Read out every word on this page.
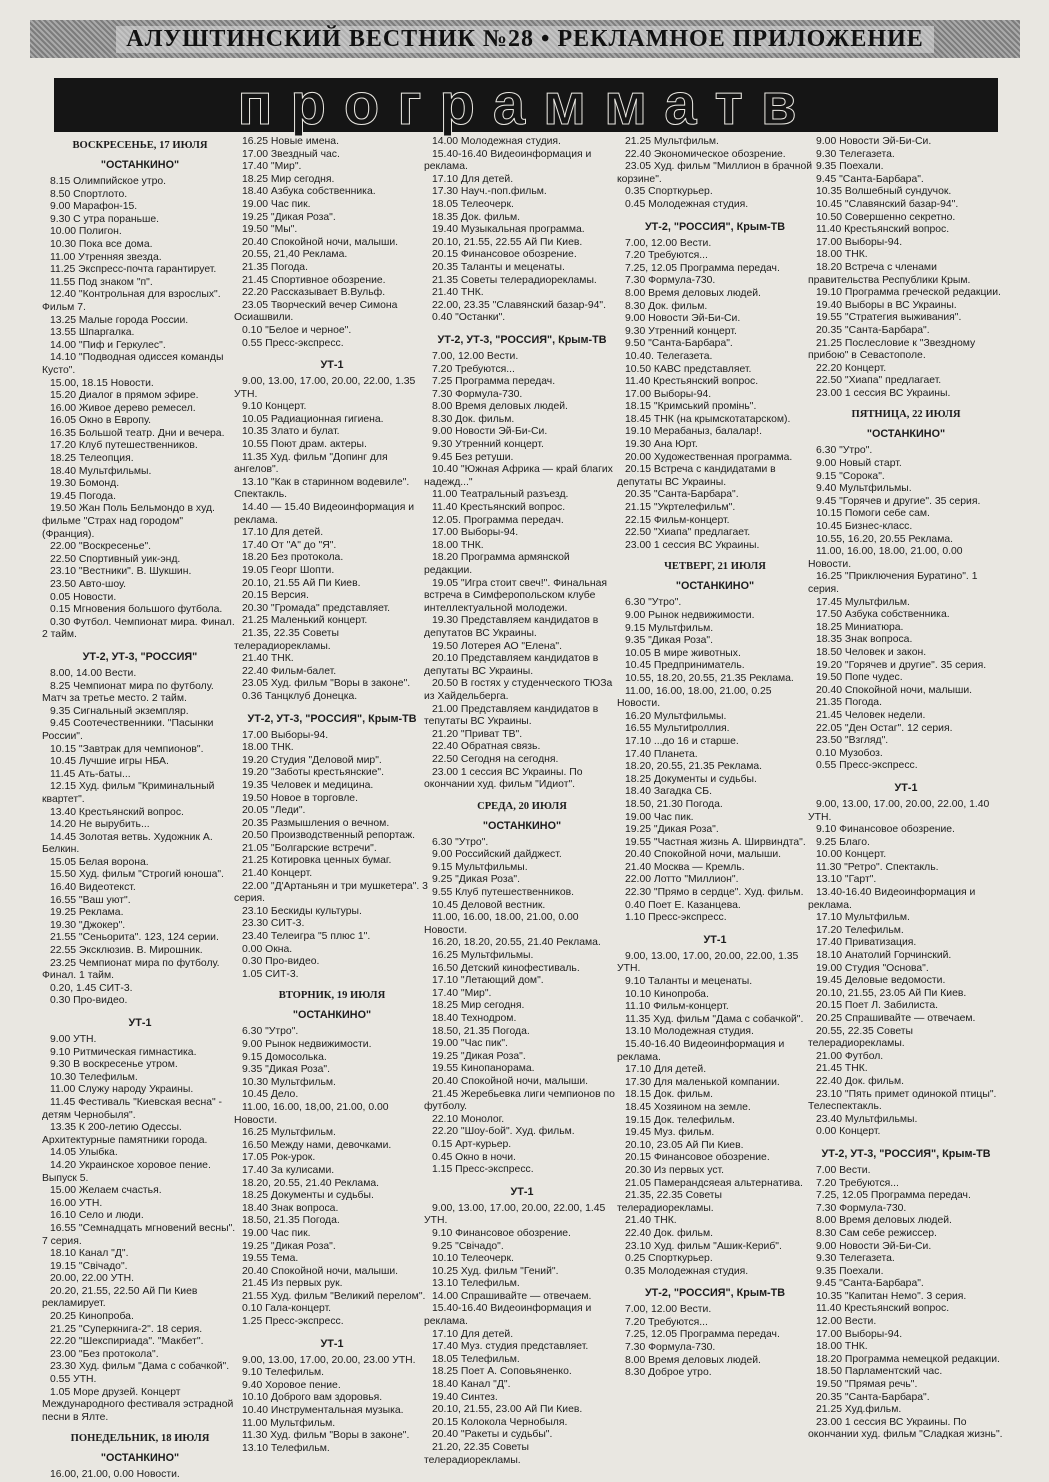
АЛУШТИНСКИЙ ВЕСТНИК №28 • РЕКЛАМНОЕ ПРИЛОЖЕНИЕ
программатв
ВОСКРЕСЕНЬЕ, 17 ИЮЛЯ
"ОСТАНКИНО"
8.15 Олимпийское утро.
8.50 Спортлото.
9.00 Марафон-15.
9.30 С утра пораньше.
10.00 Полигон.
10.30 Пока все дома.
11.00 Утренняя звезда.
11.25 Экспресс-почта гарантирует.
11.55 Под знаком "п".
12.40 "Контрольная для взрослых". Фильм 7.
13.25 Малые города России.
13.55 Шпаргалка.
14.00 "Пиф и Геркулес".
14.10 "Подводная одиссея команды Кусто".
15.00, 18.15 Новости.
15.20 Диалог в прямом эфире.
16.00 Живое дерево ремесел.
16.05 Окно в Европу.
16.35 Большой театр. Дни и вечера.
17.20 Клуб путешественников.
18.25 Телеопция.
18.40 Мультфильмы.
19.30 Бомонд.
19.45 Погода.
19.50 Жан Поль Бельмондо в худ. фильме "Страх над городом" (Франция).
22.00 "Воскресенье".
22.50 Спортивный уик-энд.
23.10 "Вестники". В. Шукшин.
23.50 Авто-шоу.
0.05 Новости.
0.15 Мгновения большого футбола.
0.30 Футбол. Чемпионат мира. Финал. 2 тайм.
УТ-2, УТ-3, "РОССИЯ"
8.00, 14.00 Вести.
8.25 Чемпионат мира по футболу. Матч за третье место. 2 тайм.
9.35 Сигнальный экземпляр.
9.45 Соотечественники. "Пасынки России".
10.15 "Завтрак для чемпионов".
10.45 Лучшие игры НБА.
11.45 Ать-баты...
12.15 Худ. фильм "Криминальный квартет".
13.40 Крестьянский вопрос.
14.20 Не вырубить...
14.45 Золотая ветвь. Художник А. Белкин.
15.05 Белая ворона.
15.50 Худ. фильм "Строгий юноша".
16.40 Видеотекст.
16.55 "Ваш уют".
19.25 Реклама.
19.30 "Джокер".
21.55 "Сеньорита". 123, 124 серии.
22.55 Эксклюзив. В. Мирошник.
23.25 Чемпионат мира по футболу. Финал. 1 тайм.
0.20, 1.45 СИТ-3.
0.30 Про-видео.
УТ-1
9.00 УТН.
9.10 Ритмическая гимнастика.
9.30 В воскресенье утром.
10.30 Телефильм.
11.00 Служу народу Украины.
11.45 Фестиваль "Киевская весна" - детям Чернобыля".
13.35 К 200-летию Одессы. Архитектурные памятники города.
14.05 Улыбка.
14.20 Украинское хоровое пение. Выпуск 5.
15.00 Желаем счастья.
16.00 УТН.
16.10 Село и люди.
16.55 "Семнадцать мгновений весны". 7 серия.
18.10 Канал "Д".
19.15 "Свічадо".
20.00, 22.00 УТН.
20.20, 21.55, 22.50 Ай Пи Киев рекламирует.
20.25 Кинопроба.
21.25 "Суперкнига-2". 18 серия.
22.20 "Шекспириада". "Макбет".
23.00 "Без протокола".
23.30 Худ. фильм "Дама с собачкой".
0.55 УТН.
1.05 Море друзей. Концерт Международного фестиваля эстрадной песни в Ялте.
ПОНЕДЕЛЬНИК, 18 ИЮЛЯ
"ОСТАНКИНО"
16.00, 21.00, 0.00 Новости.
16.25 Новые имена.
17.00 Звездный час.
17.40 "Мир".
18.25 Мир сегодня.
18.40 Азбука собственника.
19.00 Час пик.
19.25 "Дикая Роза".
19.50 "Мы".
20.40 Спокойной ночи, малыши.
20.55, 21,40 Реклама.
21.35 Погода.
21.45 Спортивное обозрение.
22.20 Рассказывает В.Вульф.
23.05 Творческий вечер Симона Осиашвили.
0.10 "Белое и черное".
0.55 Пресс-экспресс.
УТ-1
9.00, 13.00, 17.00, 20.00, 22.00, 1.35 УТН.
9.10 Концерт.
10.05 Радиационная гигиена.
10.35 Злато и булат.
10.55 Поют драм. актеры.
11.35 Худ. фильм "Допинг для ангелов".
13.10 "Как в старинном водевиле". Спектакль.
14.40 — 15.40 Видеоинформация и реклама.
17.10 Для детей.
17.40 От "А" до "Я".
18.20 Без протокола.
19.05 Георг Шопти.
20.10, 21.55 Ай Пи Киев.
20.15 Версия.
20.30 "Громада" представляет.
21.25 Маленький концерт.
21.35, 22.35 Советы телерадиорекламы.
21.40 ТНК.
22.40 Фильм-балет.
23.05 Худ. фильм "Воры в законе".
0.36 Танцклуб Донецка.
УТ-2, УТ-3, "РОССИЯ", Крым-ТВ
17.00 Выборы-94.
18.00 ТНК.
19.20 Студия "Деловой мир".
19.20 "Заботы крестьянские".
19.35 Человек и медицина.
19.50 Новое в торговле.
20.05 "Леди".
20.35 Размышления о вечном.
20.50 Производственный репортаж.
21.05 "Болгарские встречи".
21.25 Котировка ценных бумаг.
21.40 Концерт.
22.00 "Д'Артаньян и три мушкетера". 3 серия.
23.10 Бескиды культуры.
23.30 СИТ-3.
23.40 Телеигра "5 плюс 1".
0.00 Окна.
0.30 Про-видео.
1.05 СИТ-3.
ВТОРНИК, 19 ИЮЛЯ
"ОСТАНКИНО"
6.30 "Утро".
9.00 Рынок недвижимости.
9.15 Домосолька.
9.35 "Дикая Роза".
10.30 Мультфильм.
10.45 Дело.
11.00, 16.00, 18,00, 21.00, 0.00 Новости.
16.25 Мультфильм.
16.50 Между нами, девочками.
17.05 Рок-урок.
17.40 За кулисами.
18.20, 20.55, 21.40 Реклама.
18.25 Документы и судьбы.
18.40 Знак вопроса.
18.50, 21.35 Погода.
19.00 Час пик.
19.25 "Дикая Роза".
19.55 Тема.
20.40 Спокойной ночи, малыши.
21.45 Из первых рук.
21.55 Худ. фильм "Великий перелом".
0.10 Гала-концерт.
1.25 Пресс-экспресс.
УТ-1
9.00, 13.00, 17.00, 20.00, 23.00 УТН.
9.10 Телефильм.
9.40 Хоровое пение.
10.10 Доброго вам здоровья.
10.40 Инструментальная музыка.
11.00 Мультфильм.
11.30 Худ. фильм "Воры в законе".
13.10 Телефильм.
14.00 Молодежная студия.
15.40-16.40 Видеоинформация и реклама.
17.10 Для детей.
17.30 Науч.-поп.фильм.
18.05 Телеочерк.
18.35 Док. фильм.
19.40 Музыкальная программа.
20.10, 21.55, 22.55 Ай Пи Киев.
20.15 Финансовое обозрение.
20.35 Таланты и меценаты.
21.35 Советы телерадиорекламы.
21.40 ТНК.
22.00, 23.35 "Славянский базар-94".
0.40 "Останки".
УТ-2, УТ-3, "РОССИЯ", Крым-ТВ
7.00, 12.00 Вести.
7.20 Требуются...
7.25 Программа передач.
7.30 Формула-730.
8.00 Время деловых людей.
8.30 Док. фильм.
9.00 Новости Эй-Би-Си.
9.30 Утренний концерт.
9.45 Без ретуши.
10.40 "Южная Африка — край благих надежд..."
11.00 Театральный разъезд.
11.40 Крестьянский вопрос.
12.05. Программа передач.
17.00 Выборы-94.
18.00 ТНК.
18.20 Программа армянской редакции.
19.05 "Игра стоит свеч!". Финальная встреча в Симферопольском клубе интеллектуальной молодежи.
19.30 Представляем кандидатов в депутатов ВС Украины.
19.50 Лотерея АО "Елена".
20.10 Представляем кандидатов в депутаты ВС Украины.
20.50 В гостях у студенческого ТЮЗа из Хайдельберга.
21.00 Представляем кандидатов в тепутаты ВС Украины.
21.20 "Приват ТВ".
22.40 Обратная связь.
22.50 Сегодня на сегодня.
23.00 1 сессия ВС Украины. По окончании худ. фильм "Идиот".
СРЕДА, 20 ИЮЛЯ
"ОСТАНКИНО"
6.30 "Утро".
9.00 Российский дайджест.
9.15 Мультфильмы.
9.25 "Дикая Роза".
9.55 Клуб путешественников.
10.45 Деловой вестник.
11.00, 16.00, 18.00, 21.00, 0.00 Новости.
16.20, 18.20, 20.55, 21.40 Реклама.
16.25 Мультфильмы.
16.50 Детский кинофестиваль.
17.10 "Летающий дом".
17.40 "Мир".
18.25 Мир сегодня.
18.40 Технодром.
18.50, 21.35 Погода.
19.00 "Час пик".
19.25 "Дикая Роза".
19.55 Кинопанорама.
20.40 Спокойной ночи, малыши.
21.45 Жеребьевка лиги чемпионов по футболу.
22.10 Монолог.
22.20 "Шоу-бой". Худ. фильм.
0.15 Арт-курьер.
0.45 Окно в ночи.
1.15 Пресс-экспресс.
УТ-1
9.00, 13.00, 17.00, 20.00, 22.00, 1.45 УТН.
9.10 Финансовое обозрение.
9.25 "Свічадо".
10.10 Телеочерк.
10.25 Худ. фильм "Гений".
13.10 Телефильм.
14.00 Спрашивайте — отвечаем.
15.40-16.40 Видеоинформация и реклама.
17.10 Для детей.
17.40 Муз. студия представляет.
18.05 Телефильм.
18.25 Поет А. Соповьяненко.
18.40 Канал "Д".
19.40 Синтез.
20.10, 21.55, 23.00 Ай Пи Киев.
20.15 Колокола Чернобыля.
20.40 "Ракеты и судьбы".
21.20, 22.35 Советы телерадиорекламы.
21.25 Мультфильм.
22.40 Экономическое обозрение.
23.05 Худ. фильм "Миллион в брачной корзине".
0.35 Спорткурьер.
0.45 Молодежная студия.
УТ-2, "РОССИЯ", Крым-ТВ
7.00, 12.00 Вести.
7.20 Требуются...
7.25, 12.05 Программа передач.
7.30 Формула-730.
8.00 Время деловых людей.
8.30 Док. фильм.
9.00 Новости Эй-Би-Си.
9.30 Утренний концерт.
9.50 "Санта-Барбара".
10.40. Телегазета.
10.50 КАВС представляет.
11.40 Крестьянский вопрос.
17.00 Выборы-94.
18.15 "Кримський промінь".
18.45 ТНК (на крымскотатарском).
19.10 Мерабаныз, балалар!.
19.30 Ана Юрт.
20.00 Художественная программа.
20.15 Встреча с кандидатами в депутаты ВС Украины.
20.35 "Санта-Барбара".
21.15 "Укртелефильм".
22.15 Фильм-концерт.
22.50 "Хиапа" предлагает.
23.00 1 сессия ВС Украины.
ЧЕТВЕРГ, 21 ИЮЛЯ
"ОСТАНКИНО"
6.30 "Утро".
9.00 Рынок недвижимости.
9.15 Мультфильм.
9.35 "Дикая Роза".
10.05 В мире животных.
10.45 Предприниматель.
10.55, 18.20, 20.55, 21.35 Реклама.
11.00, 16.00, 18.00, 21.00, 0.25 Новости.
16.20 Мультфильмы.
16.55 Мультиtроллия.
17.10 ...до 16 и старше.
17.40 Планета.
18.20, 20.55, 21.35 Реклама.
18.25 Документы и судьбы.
18.40 Загадка СБ.
18.50, 21.30 Погода.
19.00 Час пик.
19.25 "Дикая Роза".
19.55 "Частная жизнь А. Ширвиндта".
20.40 Спокойной ночи, малыши.
21.40 Москва — Кремль.
22.00 Лотто "Миллион".
22.30 "Прямо в сердце". Худ. фильм.
0.40 Поет Е. Казанцева.
1.10 Пресс-экспресс.
УТ-1
9.00, 13.00, 17.00, 20.00, 22.00, 1.35 УТН.
9.10 Таланты и меценаты.
10.10 Кинопроба.
11.10 Фильм-концерт.
11.35 Худ. фильм "Дама с собачкой".
13.10 Молодежная студия.
15.40-16.40 Видеоинформация и реклама.
17.10 Для детей.
17.30 Для маленькой компании.
18.15 Док. фильм.
18.45 Хозяином на земле.
19.15 Док. телефильм.
19.45 Муз. фильм.
20.10, 23.05 Ай Пи Киев.
20.15 Финансовое обозрение.
20.30 Из первых уст.
21.05 Памерандсяеая альтернатива.
21.35, 22.35 Советы телерадиорекламы.
21.40 ТНК.
22.40 Док. фильм.
23.10 Худ. фильм "Ашик-Кериб".
0.25 Спорткурьер.
0.35 Молодежная студия.
УТ-2, "РОССИЯ", Крым-ТВ
7.00, 12.00 Вести.
7.20 Требуются...
7.25, 12.05 Программа передач.
7.30 Формула-730.
8.00 Время деловых людей.
8.30 Доброе утро.
9.00 Новости Эй-Би-Си.
9.30 Телегазета.
9.35 Поехали.
9.45 "Санта-Барбара".
10.35 Волшебный сундучок.
10.45 "Славянский базар-94".
10.50 Совершенно секретно.
11.40 Крестьянский вопрос.
17.00 Выборы-94.
18.00 ТНК.
18.20 Встреча с членами правительства Республики Крым.
19.10 Программа греческой редакции.
19.40 Выборы в ВС Украины.
19.55 "Стратегия выживания".
20.35 "Санта-Барбара".
21.25 Послесловие к "Звездному прибою" в Севастополе.
22.20 Концерт.
22.50 "Хиапа" предлагает.
23.00 1 сессия ВС Украины.
ПЯТНИЦА, 22 ИЮЛЯ
"ОСТАНКИНО"
6.30 "Утро".
9.00 Новый старт.
9.15 "Сорока".
9.40 Мультфильмы.
9.45 "Горячев и другие". 35 серия.
10.15 Помоги себе сам.
10.45 Бизнес-класс.
10.55, 16.20, 20.55 Реклама.
11.00, 16.00, 18.00, 21.00, 0.00 Новости.
16.25 "Приключения Буратино". 1 серия.
17.45 Мультфильм.
17.50 Азбука собственника.
18.25 Миниатюра.
18.35 Знак вопроса.
18.50 Человек и закон.
19.20 "Горячев и другие". 35 серия.
19.50 Попе чудес.
20.40 Спокойной ночи, малыши.
21.35 Погода.
21.45 Человек недели.
22.05 "Ден Остаг". 12 серия.
23.50 "Взгляд".
0.10 Музобоз.
0.55 Пресс-экспресс.
УТ-1
9.00, 13.00, 17.00, 20.00, 22.00, 1.40 УТН.
9.10 Финансовое обозрение.
9.25 Благо.
10.00 Концерт.
11.30 "Ретро". Спектакль.
13.10 "Гарт".
13.40-16.40 Видеоинформация и реклама.
17.10 Мультфильм.
17.20 Телефильм.
17.40 Приватизация.
18.10 Анатолий Горчинский.
19.00 Студия "Основа".
19.45 Деловые ведомости.
20.10, 21.55, 23.05 Ай Пи Киев.
20.15 Поет Л. Забилиста.
20.25 Спрашивайте — отвечаем.
20.55, 22.35 Советы телерадиорекламы.
21.00 Футбол.
21.45 ТНК.
22.40 Док. фильм.
23.10 "Пять примет одинокой птицы". Телеспектакль.
23.40 Мультфильмы.
0.00 Концерт.
УТ-2, УТ-3, "РОССИЯ", Крым-ТВ
7.00 Вести.
7.20 Требуются...
7.25, 12.05 Программа передач.
7.30 Формула-730.
8.00 Время деловых людей.
8.30 Сам себе режиссер.
9.00 Новости Эй-Би-Си.
9.30 Телегазета.
9.35 Поехали.
9.45 "Санта-Барбара".
10.35 "Капитан Немо". 3 серия.
11.40 Крестьянский вопрос.
12.00 Вести.
17.00 Выборы-94.
18.00 ТНК.
18.20 Программа немецкой редакции.
18.50 Парламентский час.
19.50 "Прямая речь".
20.35 "Санта-Барбара".
21.25 Худ.фильм.
23.00 1 сессия ВС Украины. По окончании худ. фильм "Сладкая жизнь".
